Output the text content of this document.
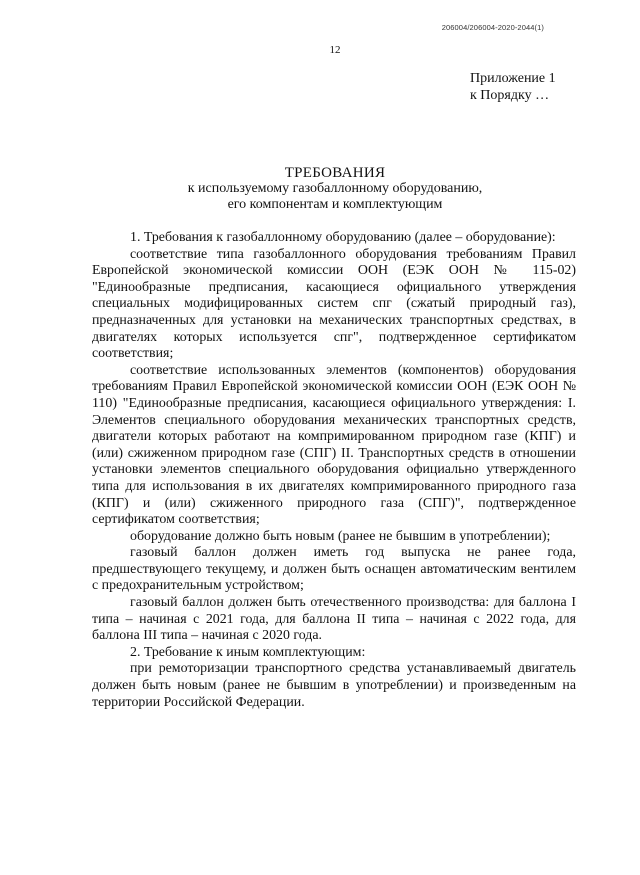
206004/206004-2020-2044(1)
12
Приложение 1
к Порядку …
ТРЕБОВАНИЯ
к используемому газобаллонному оборудованию,
его компонентам и комплектующим

1. Требования к газобаллонному оборудованию (далее – оборудование):

соответствие типа газобаллонного оборудования требованиям Правил Европейской экономической комиссии ООН (ЕЭК ООН № 115-02) "Единообразные предписания, касающиеся официального утверждения специальных модифицированных систем спг (сжатый природный газ), предназначенных для установки на механических транспортных средствах, в двигателях которых используется спг", подтвержденное сертификатом соответствия;

соответствие использованных элементов (компонентов) оборудования требованиям Правил Европейской экономической комиссии ООН (ЕЭК ООН № 110) "Единообразные предписания, касающиеся официального утверждения: I. Элементов специального оборудования механических транспортных средств, двигатели которых работают на компримированном природном газе (КПГ) и (или) сжиженном природном газе (СПГ) II. Транспортных средств в отношении установки элементов специального оборудования официально утвержденного типа для использования в их двигателях компримированного природного газа (КПГ) и (или) сжиженного природного газа (СПГ)", подтвержденное сертификатом соответствия;

оборудование должно быть новым (ранее не бывшим в употреблении);

газовый баллон должен иметь год выпуска не ранее года, предшествующего текущему, и должен быть оснащен автоматическим вентилем с предохранительным устройством;

газовый баллон должен быть отечественного производства: для баллона I типа – начиная с 2021 года, для баллона II типа – начиная с 2022 года, для баллона III типа – начиная с 2020 года.

2. Требование к иным комплектующим:

при ремоторизации транспортного средства устанавливаемый двигатель должен быть новым (ранее не бывшим в употреблении) и произведенным на территории Российской Федерации.
